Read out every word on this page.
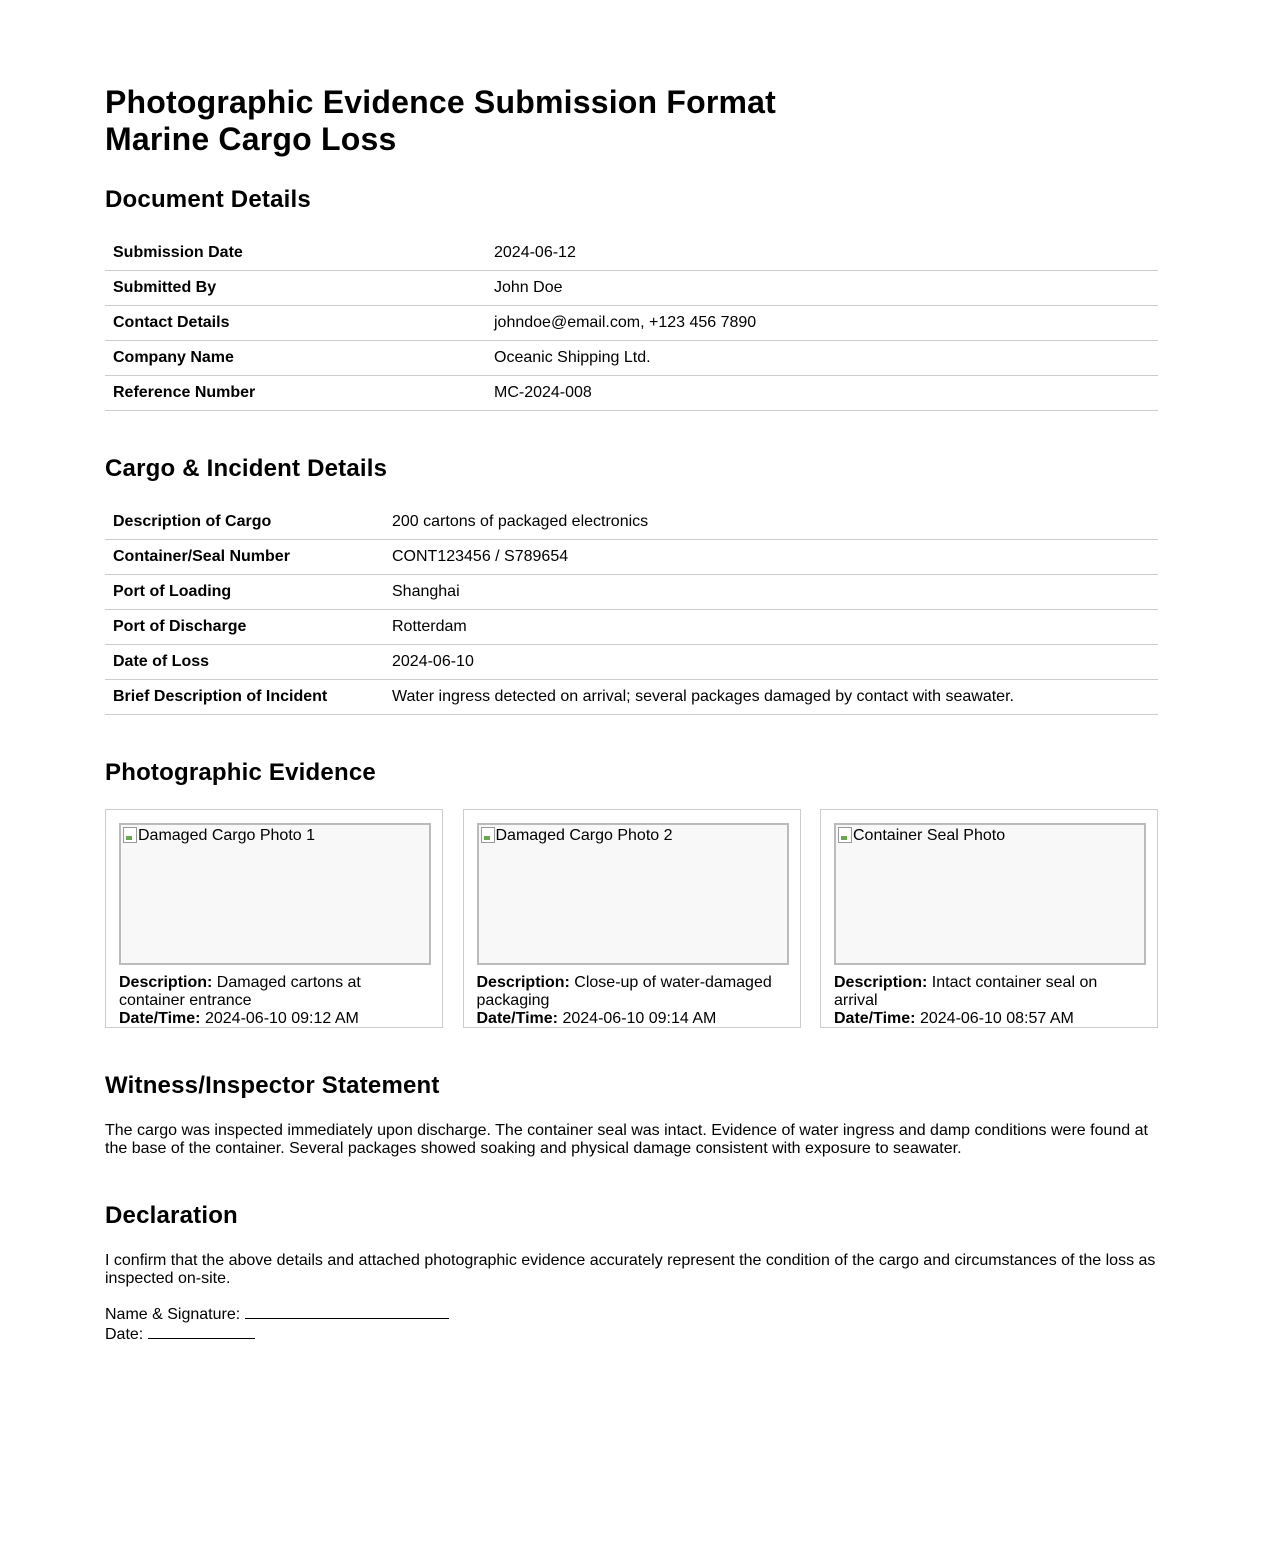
Photographic Evidence Submission Format
Marine Cargo Loss
Document Details
Submission Date	2024-06-12
Submitted By	John Doe
Contact Details	johndoe@email.com, +123 456 7890
Company Name	Oceanic Shipping Ltd.
Reference Number	MC-2024-008
Cargo & Incident Details
Description of Cargo	200 cartons of packaged electronics
Container/Seal Number	CONT123456 / S789654
Port of Loading	Shanghai
Port of Discharge	Rotterdam
Date of Loss	2024-06-10
Brief Description of Incident	Water ingress detected on arrival; several packages damaged by contact with seawater.
Photographic Evidence
Damaged Cargo Photo 1
Description: Damaged cartons at container entrance
Date/Time: 2024-06-10 09:12 AM
Damaged Cargo Photo 2
Description: Close-up of water-damaged packaging
Date/Time: 2024-06-10 09:14 AM
Container Seal Photo
Description: Intact container seal on arrival
Date/Time: 2024-06-10 08:57 AM
Witness/Inspector Statement

The cargo was inspected immediately upon discharge. The container seal was intact. Evidence of water ingress and damp conditions were found at the base of the container. Several packages showed soaking and physical damage consistent with exposure to seawater.

Declaration

I confirm that the above details and attached photographic evidence accurately represent the condition of the cargo and circumstances of the loss as inspected on-site.

Name & Signature:
Date:
